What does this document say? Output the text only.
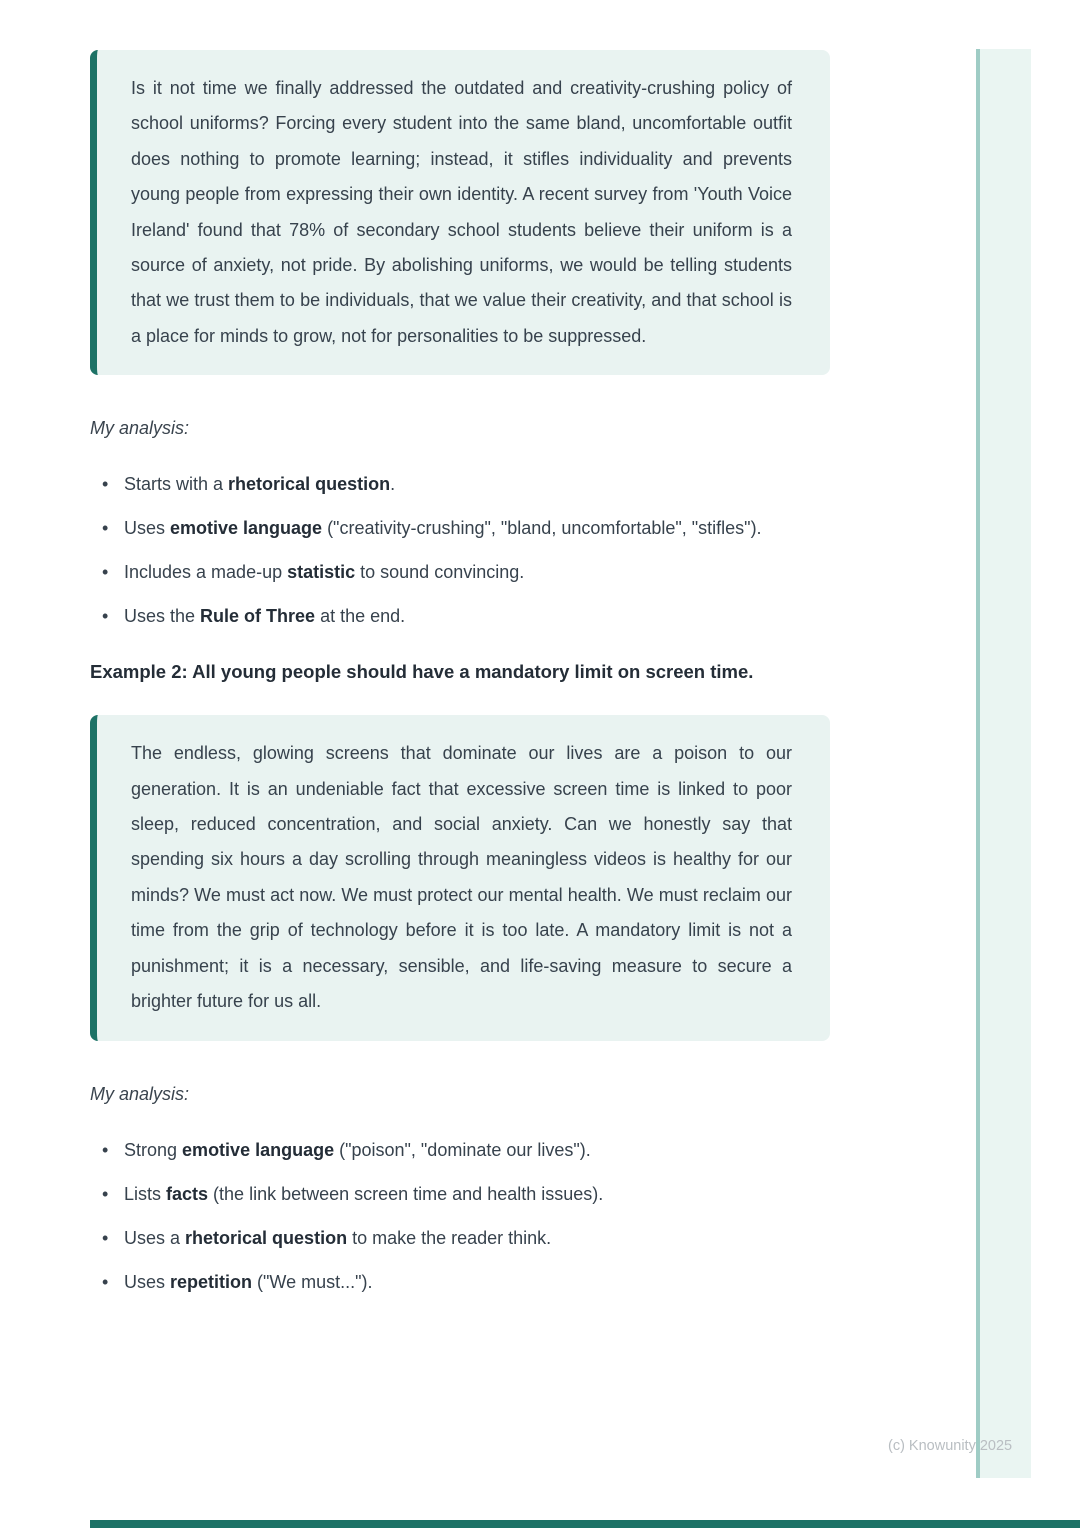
Is it not time we finally addressed the outdated and creativity-crushing policy of school uniforms? Forcing every student into the same bland, uncomfortable outfit does nothing to promote learning; instead, it stifles individuality and prevents young people from expressing their own identity. A recent survey from 'Youth Voice Ireland' found that 78% of secondary school students believe their uniform is a source of anxiety, not pride. By abolishing uniforms, we would be telling students that we trust them to be individuals, that we value their creativity, and that school is a place for minds to grow, not for personalities to be suppressed.
My analysis:
• Starts with a rhetorical question.
• Uses emotive language ("creativity-crushing", "bland, uncomfortable", "stifles").
• Includes a made-up statistic to sound convincing.
• Uses the Rule of Three at the end.
Example 2: All young people should have a mandatory limit on screen time.
The endless, glowing screens that dominate our lives are a poison to our generation. It is an undeniable fact that excessive screen time is linked to poor sleep, reduced concentration, and social anxiety. Can we honestly say that spending six hours a day scrolling through meaningless videos is healthy for our minds? We must act now. We must protect our mental health. We must reclaim our time from the grip of technology before it is too late. A mandatory limit is not a punishment; it is a necessary, sensible, and life-saving measure to secure a brighter future for us all.
My analysis:
• Strong emotive language ("poison", "dominate our lives").
• Lists facts (the link between screen time and health issues).
• Uses a rhetorical question to make the reader think.
• Uses repetition ("We must...").
(c) Knowunity 2025
